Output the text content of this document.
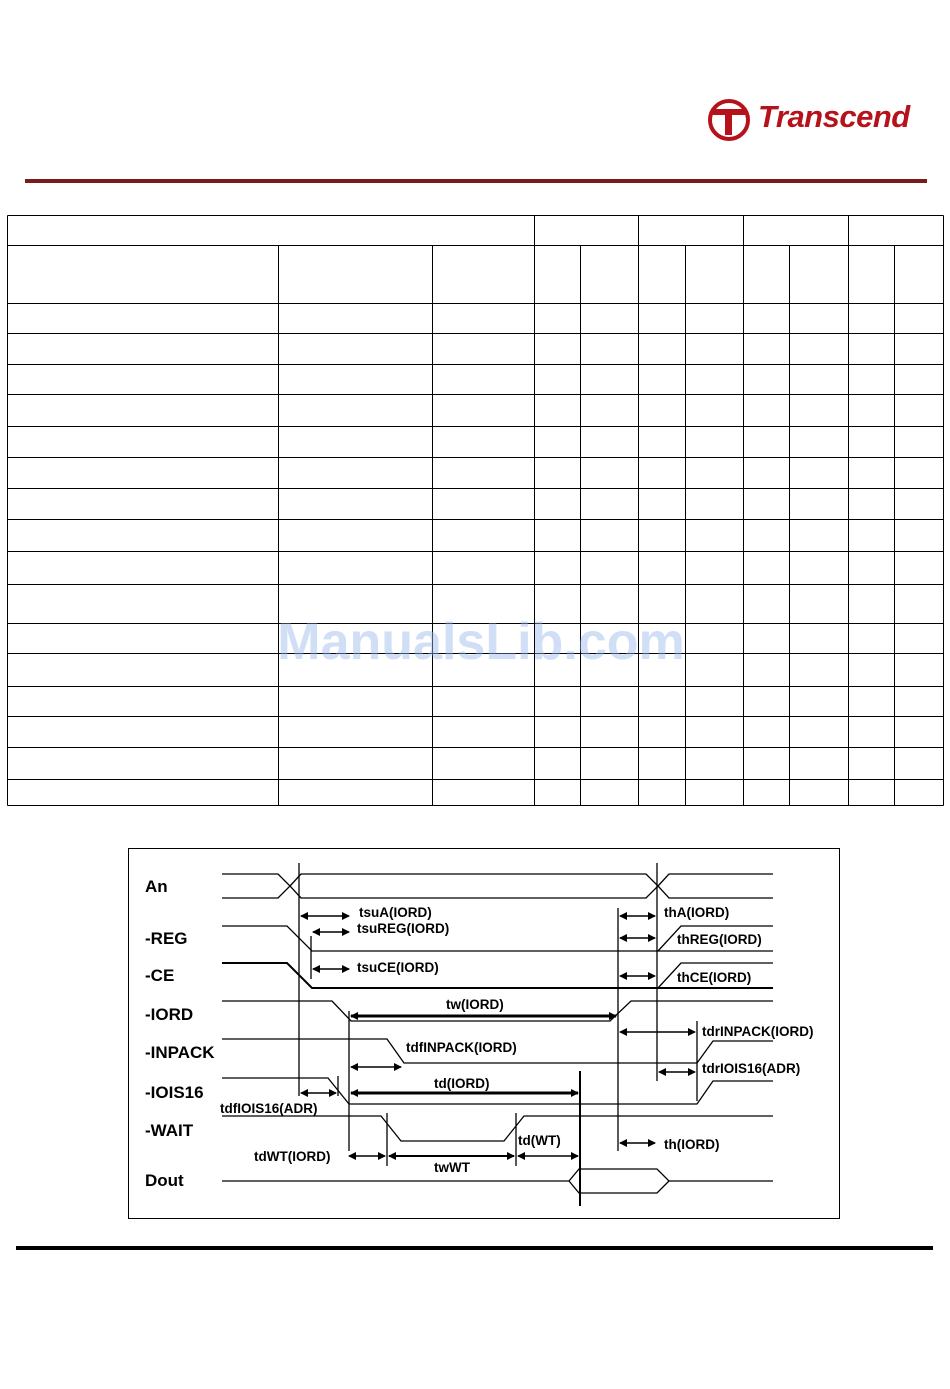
Transcend
ManualsLib.com
An
-REG
-CE
-IORD
-INPACK
-IOIS16
-WAIT
Dout
tsuA(IORD)
tsuREG(IORD)
tsuCE(IORD)
tw(IORD)
tdfINPACK(IORD)
td(IORD)
tdfIOIS16(ADR)
tdWT(IORD)
twWT
td(WT)
thA(IORD)
thREG(IORD)
thCE(IORD)
tdrINPACK(IORD)
tdrIOIS16(ADR)
th(IORD)
